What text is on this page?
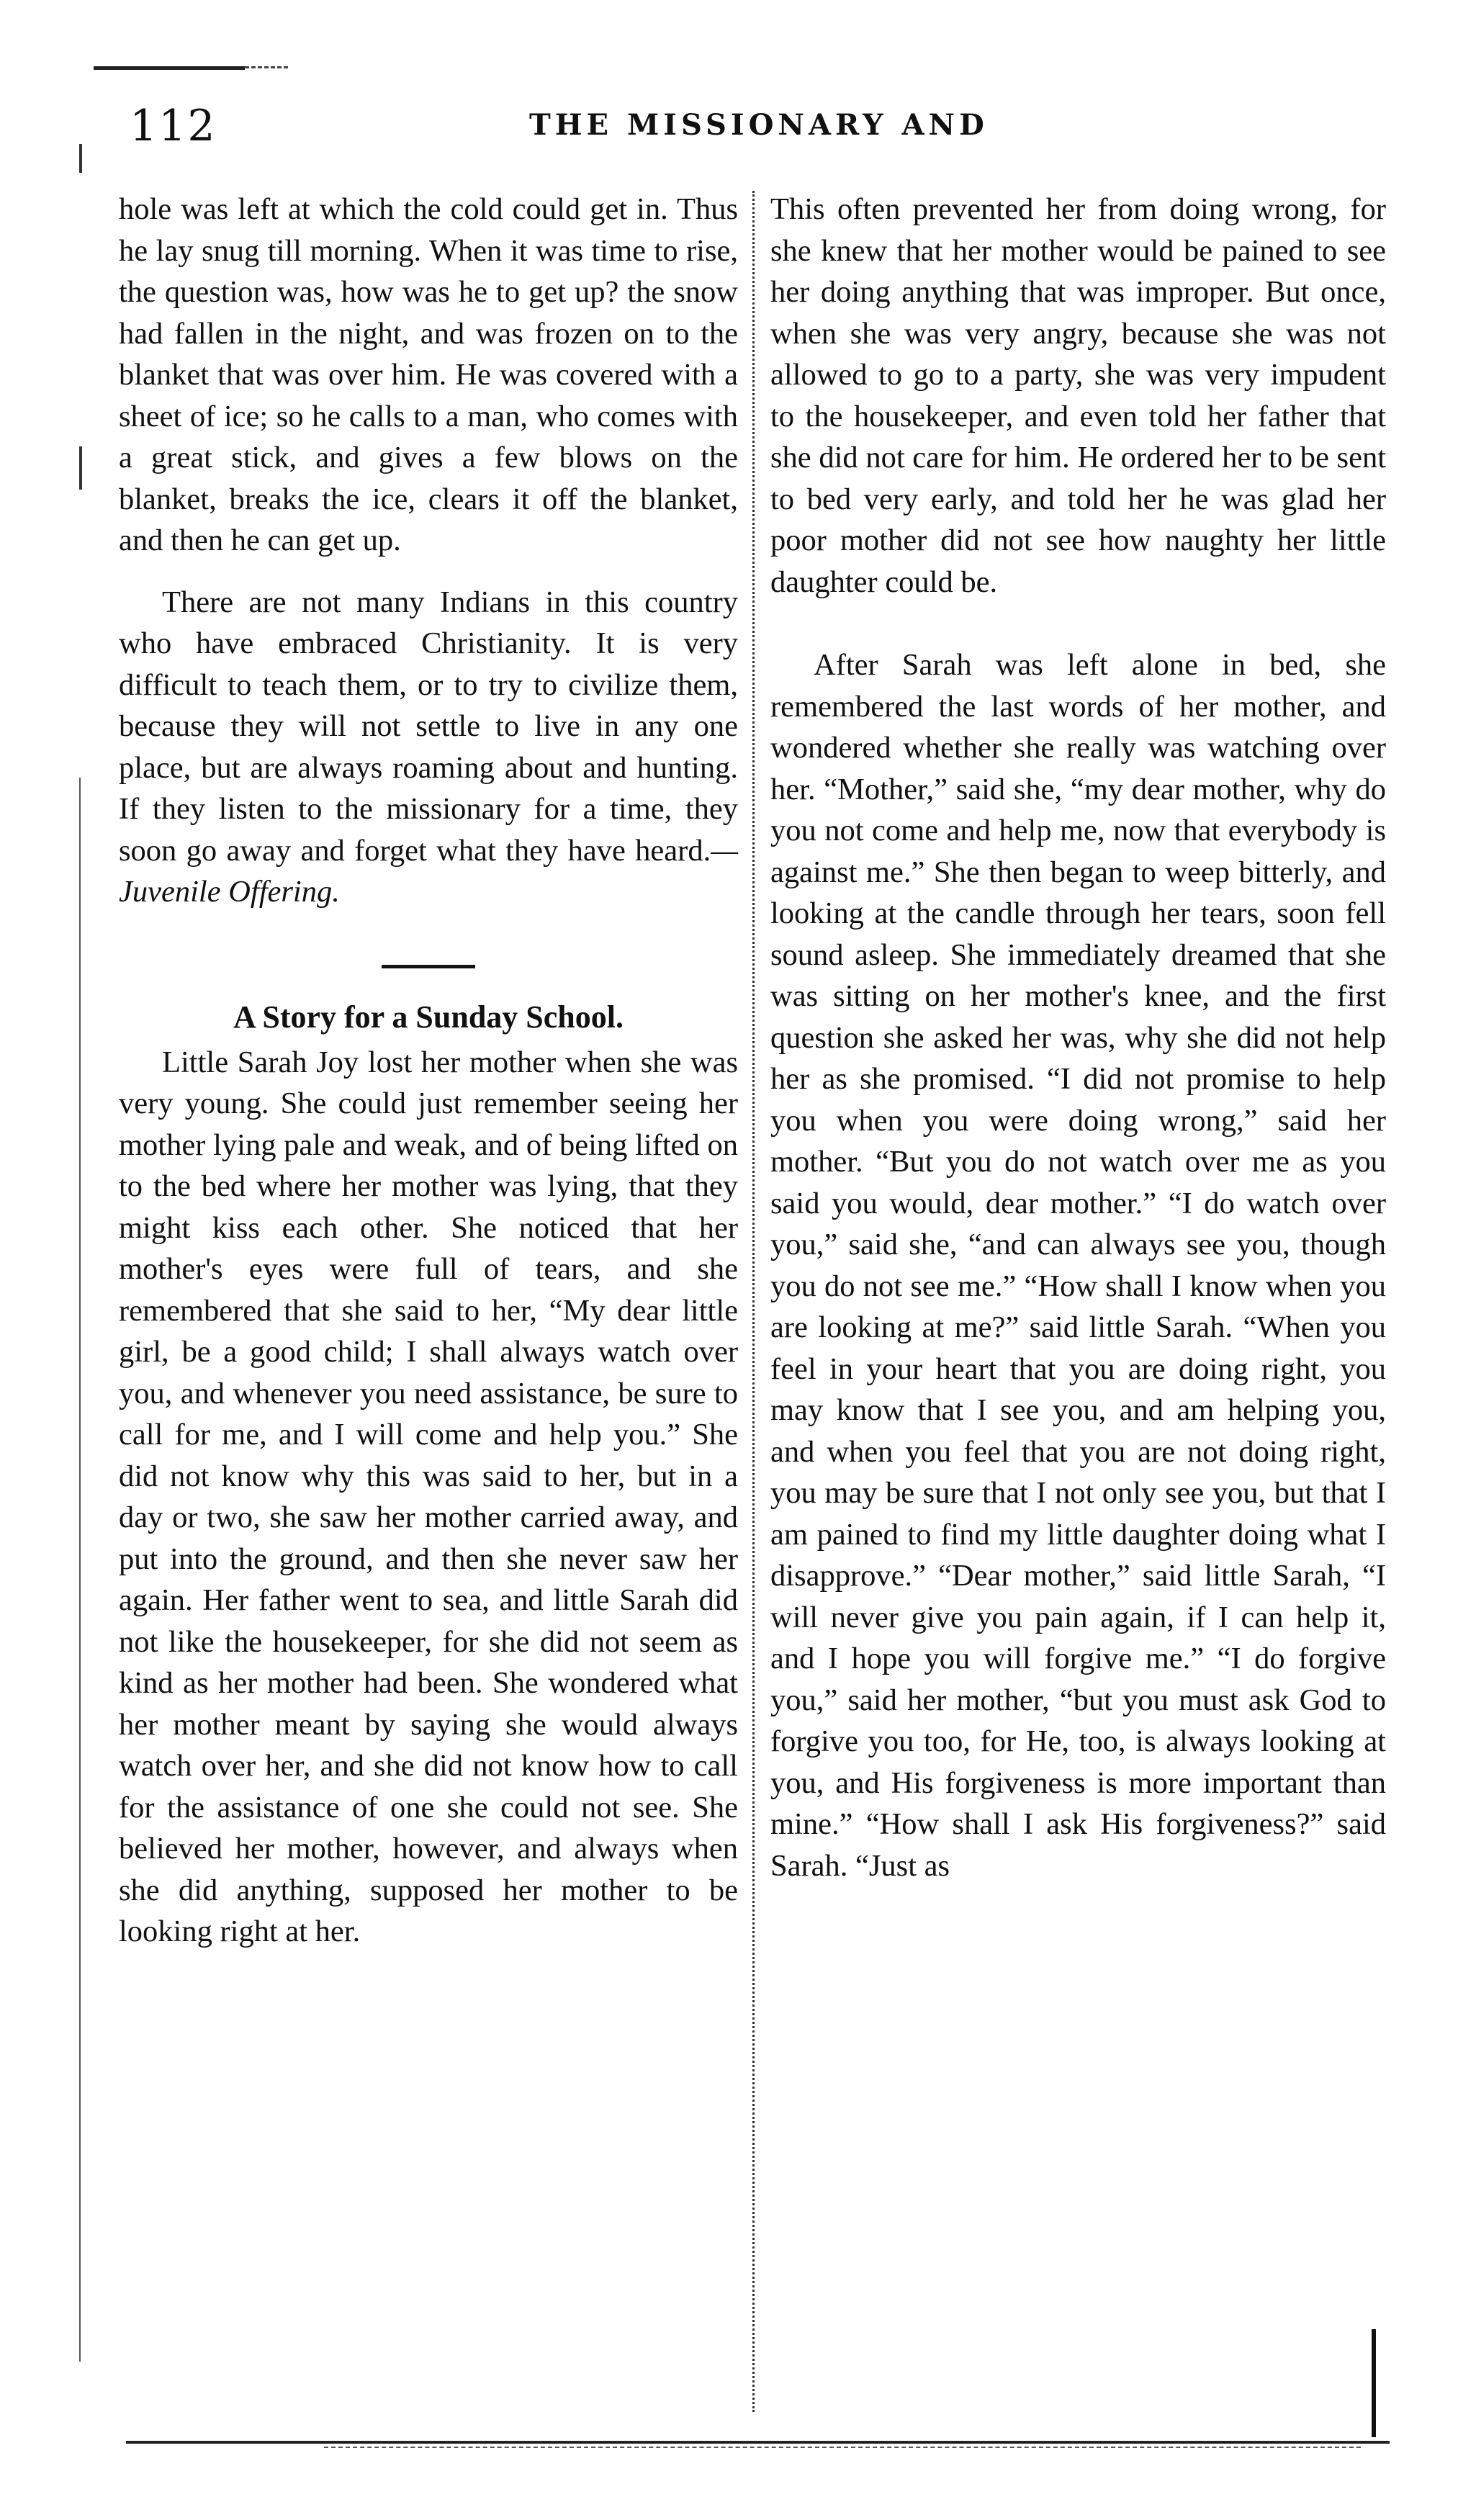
112	THE MISSIONARY AND

hole was left at which the cold could get in. Thus he lay snug till morning. When it was time to rise, the question was, how was he to get up? the snow had fallen in the night, and was frozen on to the blanket that was over him. He was covered with a sheet of ice; so he calls to a man, who comes with a great stick, and gives a few blows on the blanket, breaks the ice, clears it off the blanket, and then he can get up.

There are not many Indians in this country who have embraced Christianity. It is very difficult to teach them, or to try to civilize them, because they will not settle to live in any one place, but are always roaming about and hunting. If they listen to the missionary for a time, they soon go away and forget what they have heard.—Juvenile Offering.

A Story for a Sunday School.

Little Sarah Joy lost her mother when she was very young. She could just remember seeing her mother lying pale and weak, and of being lifted on to the bed where her mother was lying, that they might kiss each other. She noticed that her mother's eyes were full of tears, and she remembered that she said to her, “My dear little girl, be a good child; I shall always watch over you, and whenever you need assistance, be sure to call for me, and I will come and help you.” She did not know why this was said to her, but in a day or two, she saw her mother carried away, and put into the ground, and then she never saw her again. Her father went to sea, and little Sarah did not like the housekeeper, for she did not seem as kind as her mother had been. She wondered what her mother meant by saying she would always watch over her, and she did not know how to call for the assistance of one she could not see. She believed her mother, however, and always when she did anything, supposed her mother to be looking right at her.

This often prevented her from doing wrong, for she knew that her mother would be pained to see her doing anything that was improper. But once, when she was very angry, because she was not allowed to go to a party, she was very impudent to the housekeeper, and even told her father that she did not care for him. He ordered her to be sent to bed very early, and told her he was glad her poor mother did not see how naughty her little daughter could be.

After Sarah was left alone in bed, she remembered the last words of her mother, and wondered whether she really was watching over her. “Mother,” said she, “my dear mother, why do you not come and help me, now that everybody is against me.” She then began to weep bitterly, and looking at the candle through her tears, soon fell sound asleep. She immediately dreamed that she was sitting on her mother's knee, and the first question she asked her was, why she did not help her as she promised. “I did not promise to help you when you were doing wrong,” said her mother. “But you do not watch over me as you said you would, dear mother.” “I do watch over you,” said she, “and can always see you, though you do not see me.” “How shall I know when you are looking at me?” said little Sarah. “When you feel in your heart that you are doing right, you may know that I see you, and am helping you, and when you feel that you are not doing right, you may be sure that I not only see you, but that I am pained to find my little daughter doing what I disapprove.” “Dear mother,” said little Sarah, “I will never give you pain again, if I can help it, and I hope you will forgive me.” “I do forgive you,” said her mother, “but you must ask God to forgive you too, for He, too, is always looking at you, and His forgiveness is more important than mine.” “How shall I ask His forgiveness?” said Sarah. “Just as
